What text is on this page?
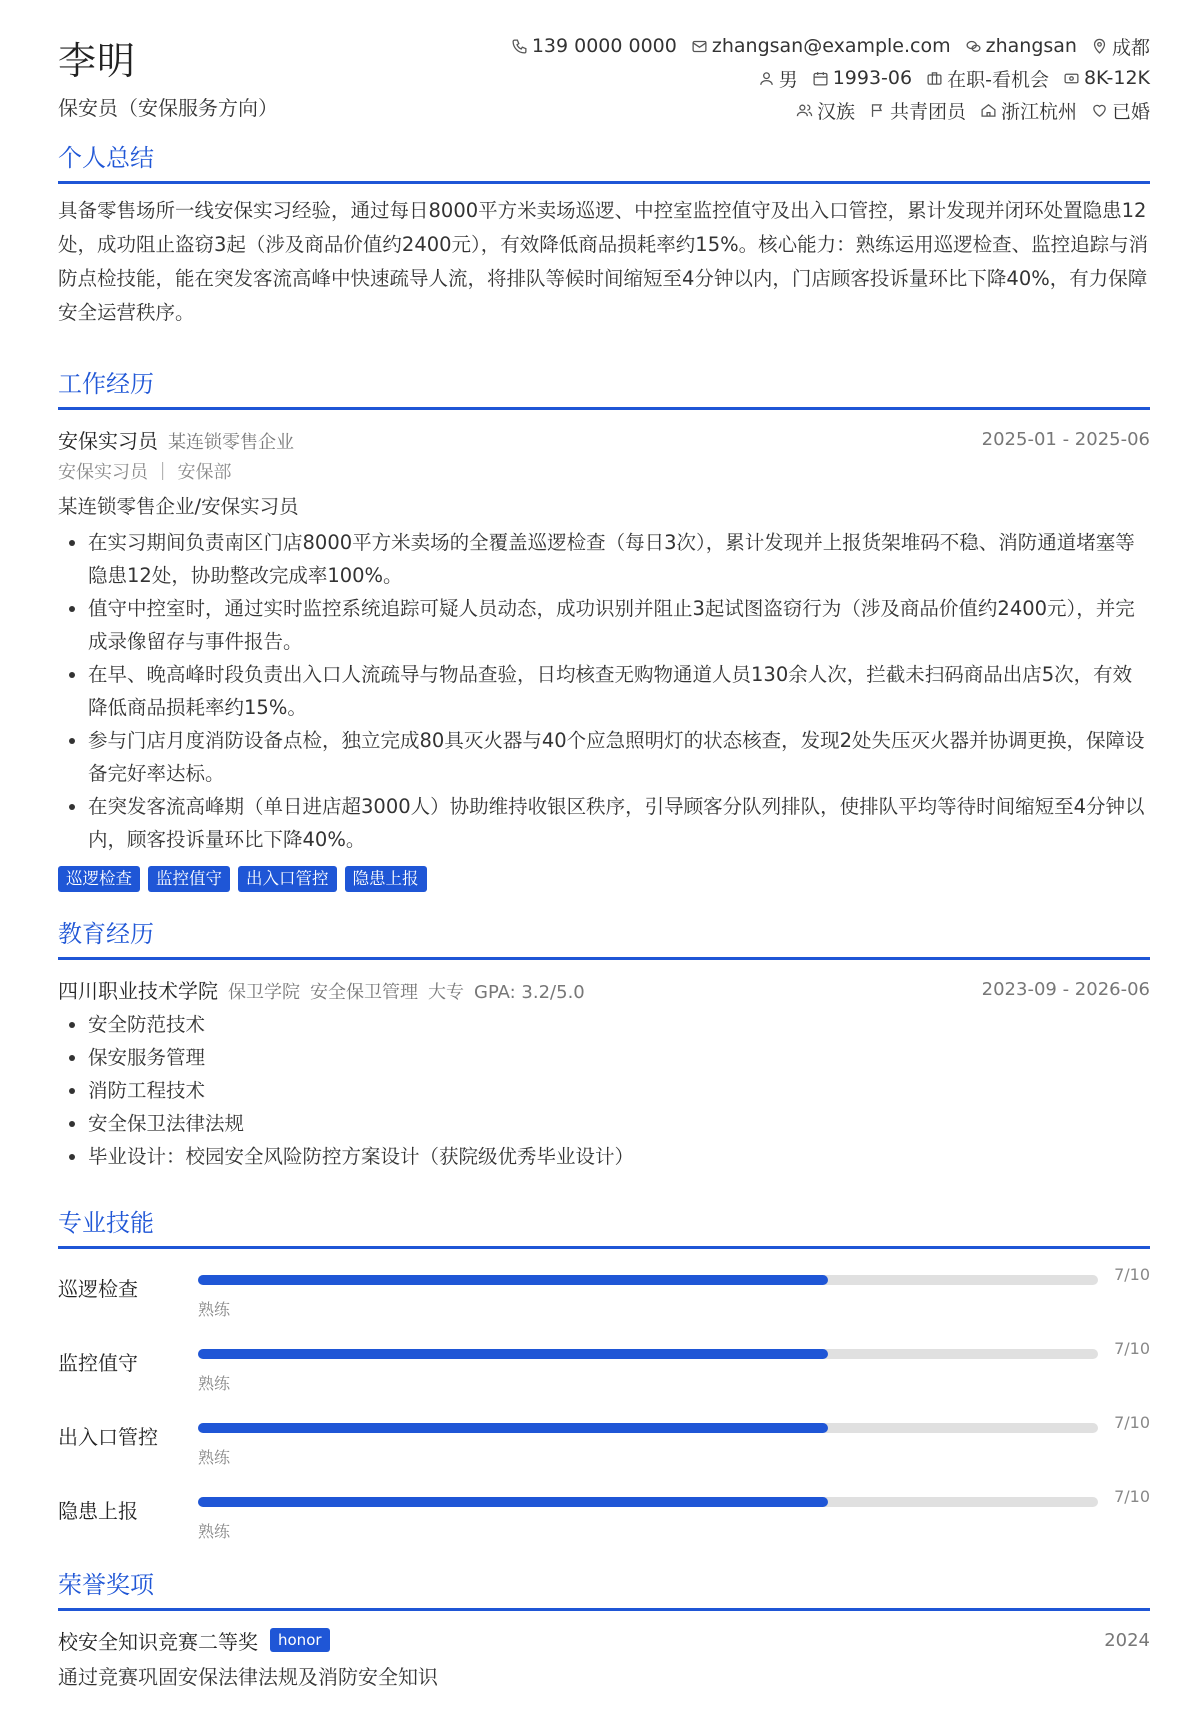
李明
保安员（安保服务方向）
139 0000 0000 zhangsan@example.com zhangsan 成都
男 1993-06 在职-看机会 8K-12K
汉族 共青团员 浙江杭州 已婚
个人总结
具备零售场所一线安保实习经验，通过每日8000平方米卖场巡逻、中控室监控值守及出入口管控，累计发现并闭环处置隐患12处，成功阻止盗窃3起（涉及商品价值约2400元），有效降低商品损耗率约15%。核心能力：熟练运用巡逻检查、监控追踪与消防点检技能，能在突发客流高峰中快速疏导人流，将排队等候时间缩短至4分钟以内，门店顾客投诉量环比下降40%，有力保障安全运营秩序。
工作经历
安保实习员 某连锁零售企业	2025-01 - 2025-06
安保实习员 ｜ 安保部
某连锁零售企业/安保实习员
• 在实习期间负责南区门店8000平方米卖场的全覆盖巡逻检查（每日3次），累计发现并上报货架堆码不稳、消防通道堵塞等隐患12处，协助整改完成率100%。
• 值守中控室时，通过实时监控系统追踪可疑人员动态，成功识别并阻止3起试图盗窃行为（涉及商品价值约2400元），并完成录像留存与事件报告。
• 在早、晚高峰时段负责出入口人流疏导与物品查验，日均核查无购物通道人员130余人次，拦截未扫码商品出店5次，有效降低商品损耗率约15%。
• 参与门店月度消防设备点检，独立完成80具灭火器与40个应急照明灯的状态核查，发现2处失压灭火器并协调更换，保障设备完好率达标。
• 在突发客流高峰期（单日进店超3000人）协助维持收银区秩序，引导顾客分队列排队，使排队平均等待时间缩短至4分钟以内，顾客投诉量环比下降40%。
巡逻检查	监控值守	出入口管控	隐患上报
教育经历
四川职业技术学院 保卫学院 安全保卫管理 大专 GPA: 3.2/5.0	2023-09 - 2026-06
• 安全防范技术
• 保安服务管理
• 消防工程技术
• 安全保卫法律法规
• 毕业设计：校园安全风险防控方案设计（获院级优秀毕业设计）
专业技能
巡逻检查
7/10
熟练
监控值守
7/10
熟练
出入口管控
7/10
熟练
隐患上报
7/10
熟练
荣誉奖项
校安全知识竞赛二等奖	honor	2024
通过竞赛巩固安保法律法规及消防安全知识
